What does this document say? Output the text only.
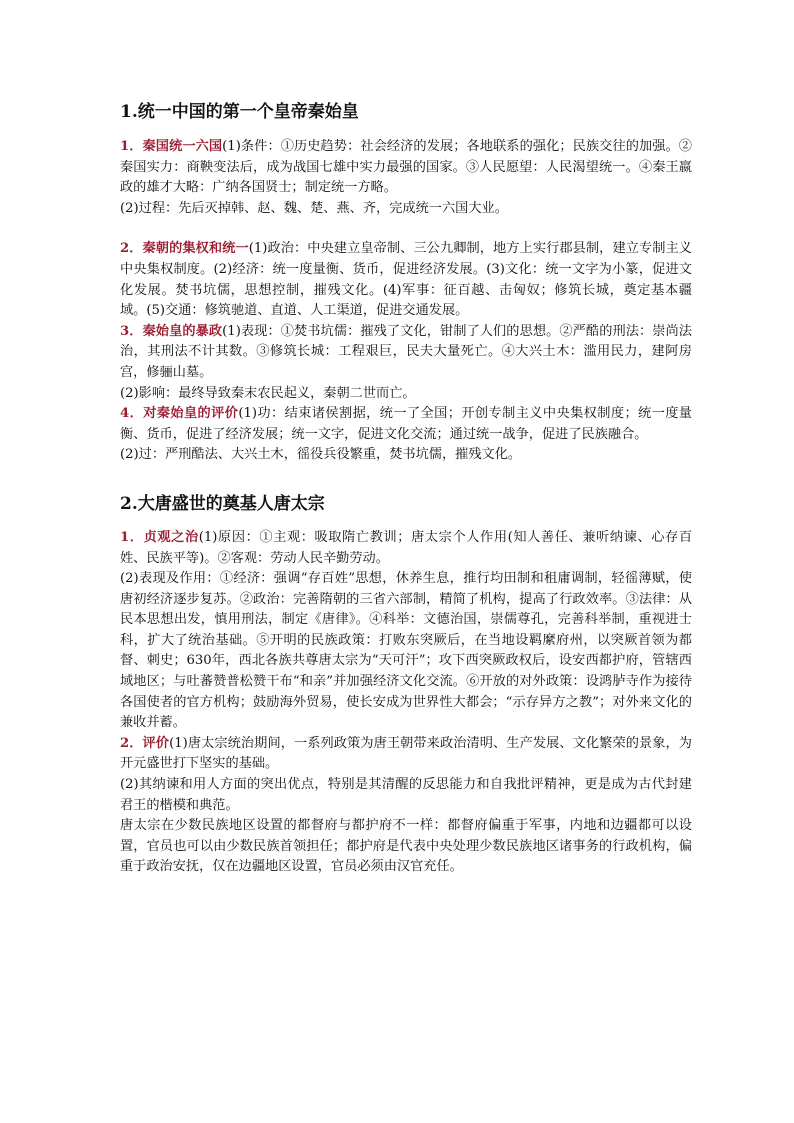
1.统一中国的第一个皇帝秦始皇

1．秦国统一六国(1)条件：①历史趋势：社会经济的发展；各地联系的强化；民族交往的加强。②秦国实力：商鞅变法后，成为战国七雄中实力最强的国家。③人民愿望：人民渴望统一。④秦王嬴政的雄才大略：广纳各国贤士；制定统一方略。

(2)过程：先后灭掉韩、赵、魏、楚、燕、齐，完成统一六国大业。

2．秦朝的集权和统一(1)政治：中央建立皇帝制、三公九卿制，地方上实行郡县制，建立专制主义中央集权制度。(2)经济：统一度量衡、货币，促进经济发展。(3)文化：统一文字为小篆，促进文化发展。焚书坑儒，思想控制，摧残文化。(4)军事：征百越、击匈奴；修筑长城，奠定基本疆域。(5)交通：修筑驰道、直道、人工渠道，促进交通发展。

3．秦始皇的暴政(1)表现：①焚书坑儒：摧残了文化，钳制了人们的思想。②严酷的刑法：崇尚法治，其刑法不计其数。③修筑长城：工程艰巨，民夫大量死亡。④大兴土木：滥用民力，建阿房宫，修骊山墓。

(2)影响：最终导致秦末农民起义，秦朝二世而亡。

4．对秦始皇的评价(1)功：结束诸侯割据，统一了全国；开创专制主义中央集权制度；统一度量衡、货币，促进了经济发展；统一文字，促进文化交流；通过统一战争，促进了民族融合。

(2)过：严刑酷法、大兴土木，徭役兵役繁重，焚书坑儒，摧残文化。

2.大唐盛世的奠基人唐太宗

1．贞观之治(1)原因：①主观：吸取隋亡教训；唐太宗个人作用(知人善任、兼听纳谏、心存百姓、民族平等)。②客观：劳动人民辛勤劳动。

(2)表现及作用：①经济：强调“存百姓”思想，休养生息，推行均田制和租庸调制，轻徭薄赋，使唐初经济逐步复苏。②政治：完善隋朝的三省六部制，精简了机构，提高了行政效率。③法律：从民本思想出发，慎用刑法，制定《唐律》。④科举：文德治国，崇儒尊孔，完善科举制，重视进士科，扩大了统治基础。⑤开明的民族政策：打败东突厥后，在当地设羁縻府州，以突厥首领为都督、刺史；630年，西北各族共尊唐太宗为“天可汗”；攻下西突厥政权后，设安西都护府，管辖西域地区；与吐蕃赞普松赞干布“和亲”并加强经济文化交流。⑥开放的对外政策：设鸿胪寺作为接待各国使者的官方机构；鼓励海外贸易，使长安成为世界性大都会；“示存异方之教”；对外来文化的兼收并蓄。

2．评价(1)唐太宗统治期间，一系列政策为唐王朝带来政治清明、生产发展、文化繁荣的景象，为开元盛世打下坚实的基础。

(2)其纳谏和用人方面的突出优点，特别是其清醒的反思能力和自我批评精神，更是成为古代封建君王的楷模和典范。

唐太宗在少数民族地区设置的都督府与都护府不一样：都督府偏重于军事，内地和边疆都可以设置，官员也可以由少数民族首领担任；都护府是代表中央处理少数民族地区诸事务的行政机构，偏重于政治安抚，仅在边疆地区设置，官员必须由汉官充任。
